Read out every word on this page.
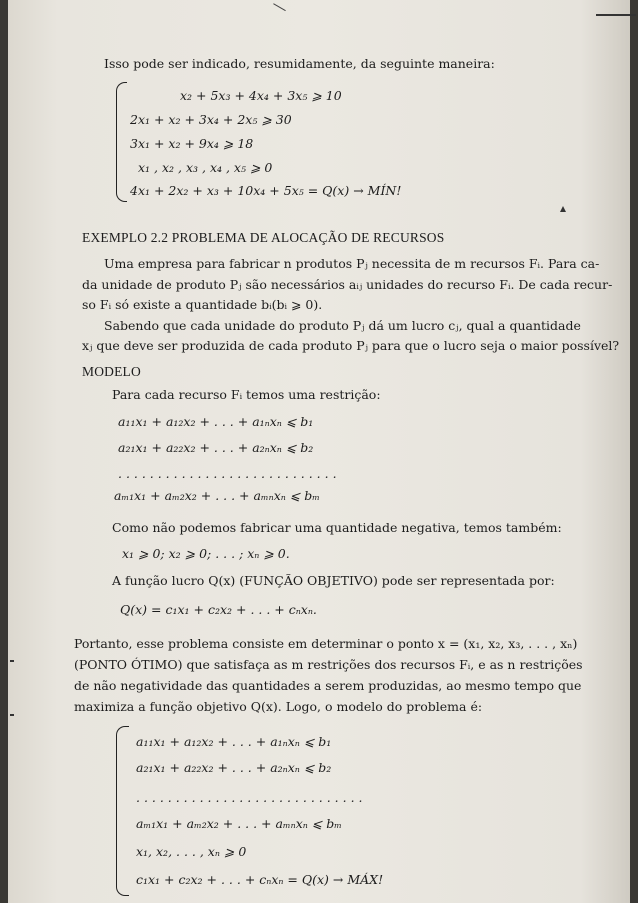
Isso pode ser indicado, resumidamente, da seguinte maneira:
x₂ + 5x₃ + 4x₄ + 3x₅ ⩾ 10
2x₁ + x₂ + 3x₄ + 2x₅ ⩾ 30
3x₁ + x₂ + 9x₄ ⩾ 18
x₁ , x₂ , x₃ , x₄ , x₅ ⩾ 0
4x₁ + 2x₂ + x₃ + 10x₄ + 5x₅ = Q(x) → MÍN!
EXEMPLO 2.2 PROBLEMA DE ALOCAÇÃO DE RECURSOS
Uma empresa para fabricar n produtos Pⱼ necessita de m recursos Fᵢ. Para ca-
da unidade de produto Pⱼ são necessários aᵢⱼ unidades do recurso Fᵢ. De cada recur-
so Fᵢ só existe a quantidade bᵢ(bᵢ ⩾ 0).
Sabendo que cada unidade do produto Pⱼ dá um lucro cⱼ, qual a quantidade
xⱼ que deve ser produzida de cada produto Pⱼ para que o lucro seja o maior possível?
MODELO
Para cada recurso Fᵢ temos uma restrição:
a₁₁x₁ + a₁₂x₂ + . . . + a₁ₙxₙ ⩽ b₁
a₂₁x₁ + a₂₂x₂ + . . . + a₂ₙxₙ ⩽ b₂
. . . . . . . . . . . . . . . . . . . . . . . . . . . .
aₘ₁x₁ + aₘ₂x₂ + . . . + aₘₙxₙ ⩽ bₘ
Como não podemos fabricar uma quantidade negativa, temos também:
x₁ ⩾ 0; x₂ ⩾ 0; . . . ; xₙ ⩾ 0.
A função lucro Q(x) (FUNÇÃO OBJETIVO) pode ser representada por:
Q(x) = c₁x₁ + c₂x₂ + . . . + cₙxₙ.
Portanto, esse problema consiste em determinar o ponto x = (x₁, x₂, x₃, . . . , xₙ)
(PONTO ÓTIMO) que satisfaça as m restrições dos recursos Fᵢ, e as n restrições
de não negatividade das quantidades a serem produzidas, ao mesmo tempo que
maximiza a função objetivo Q(x). Logo, o modelo do problema é:
a₁₁x₁ + a₁₂x₂ + . . . + a₁ₙxₙ ⩽ b₁
a₂₁x₁ + a₂₂x₂ + . . . + a₂ₙxₙ ⩽ b₂
. . . . . . . . . . . . . . . . . . . . . . . . . . . . .
aₘ₁x₁ + aₘ₂x₂ + . . . + aₘₙxₙ ⩽ bₘ
x₁, x₂, . . . , xₙ ⩾ 0
c₁x₁ + c₂x₂ + . . . + cₙxₙ = Q(x) → MÁX!
